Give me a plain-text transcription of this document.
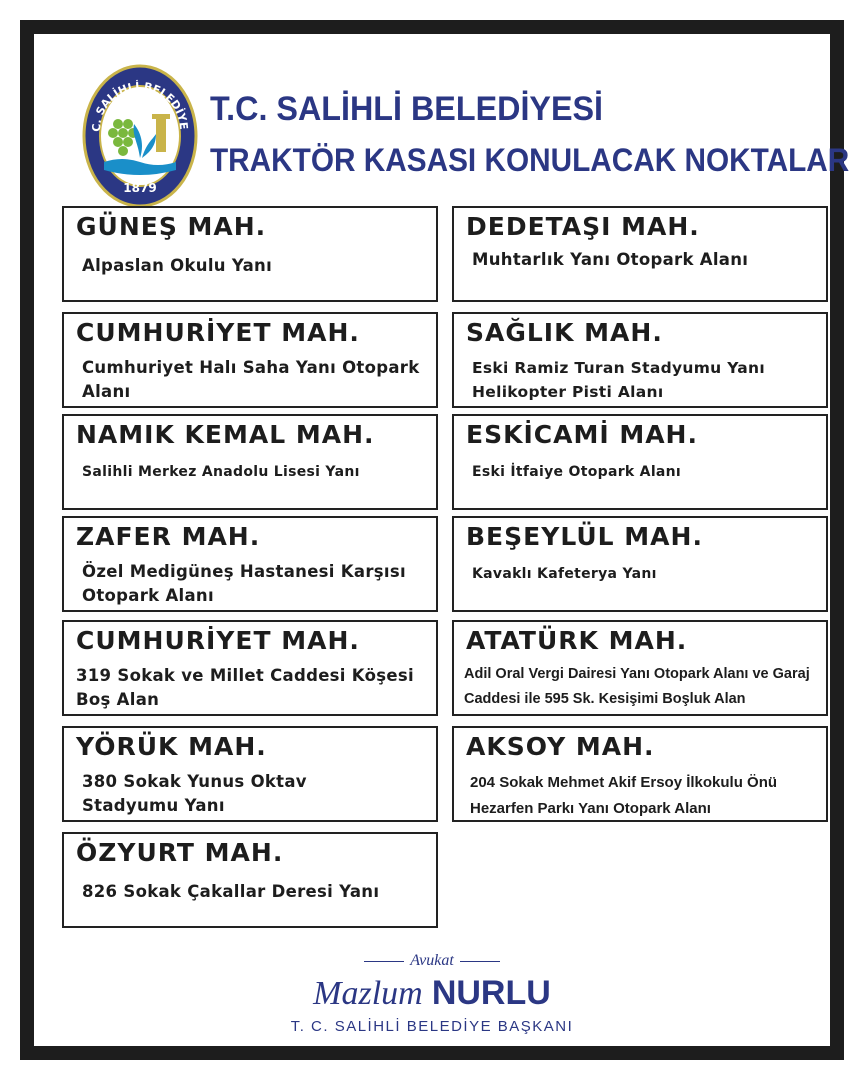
C. SALİHLİ BELEDİYE
1879
T.C. SALİHLİ BELEDİYESİ
TRAKTÖR KASASI KONULACAK NOKTALAR
GÜNEŞ MAH.
Alpaslan Okulu Yanı
CUMHURİYET MAH.
Cumhuriyet Halı Saha Yanı Otopark Alanı
NAMIK KEMAL MAH.
Salihli Merkez Anadolu Lisesi Yanı
ZAFER MAH.
Özel Medigüneş Hastanesi Karşısı Otopark Alanı
CUMHURİYET MAH.
319 Sokak ve Millet Caddesi Köşesi Boş Alan
YÖRÜK MAH.
380 Sokak Yunus Oktav Stadyumu Yanı
ÖZYURT MAH.
826 Sokak Çakallar Deresi Yanı
DEDETAŞI MAH.
Muhtarlık Yanı Otopark Alanı
SAĞLIK MAH.
Eski Ramiz Turan Stadyumu Yanı Helikopter Pisti Alanı
ESKİCAMİ MAH.
Eski İtfaiye Otopark Alanı
BEŞEYLÜL MAH.
Kavaklı Kafeterya Yanı
ATATÜRK MAH.
Adil Oral Vergi Dairesi Yanı Otopark Alanı ve Garaj Caddesi ile 595 Sk. Kesişimi Boşluk Alan
AKSOY MAH.
204 Sokak Mehmet Akif Ersoy İlkokulu Önü Hezarfen Parkı Yanı Otopark Alanı
Avukat
Mazlum NURLU
T. C. SALİHLİ BELEDİYE BAŞKANI
